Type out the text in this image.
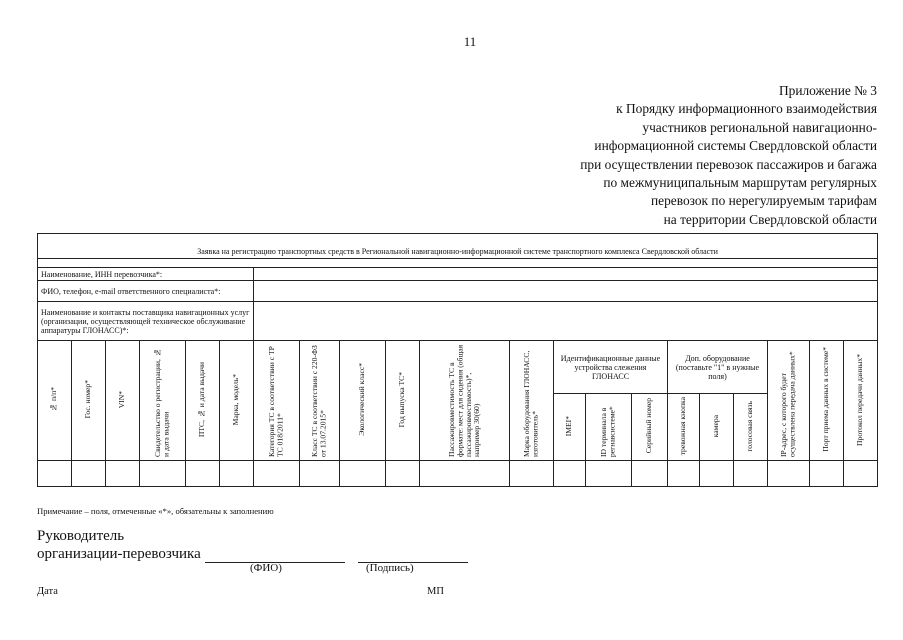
11
Приложение № 3
к Порядку информационного взаимодействия
участников региональной навигационно-
информационной системы Свердловской области
при осуществлении перевозок пассажиров и багажа
по межмуниципальным маршрутам регулярных
перевозок по нерегулируемым тарифам
на территории Свердловской области
Заявка на регистрацию транспортных средств в Региональной навигационно-информационной системе транспортного комплекса Свердловской области																				

Наименование, ИНН перевозчика*:																				
ФИО, телефон, e-mail ответственного специалиста*:																				
Наименование и контакты поставщика навигационных услуг (организации, осуществляющей техническое обслуживание аппаратуры ГЛОНАСС)*:																				
№ п/п*	Гос. номер*	VIN*	Свидетельство о регистрации, № и дата выдачи	ПТС, № и дата выдачи	Марка, модель*	Категория ТС в соответствии с ТР ТС 018/2011*	Класс ТС в соответствии с 220-ФЗ от 13.07.2015*	Экологический класс*	Год выпуска ТС*	Пассажировместимость ТС в формате: мест для сидения (общая пассажировместимость)*, например 30(60)	Марка оборудования ГЛОНАСС, изготовитель*	Идентификационные данные устройства слежения ГЛОНАСС			Доп. оборудование (поставьте "1" в нужные поля)			IP-адрес, с которого будет осуществлена передача данных*	Порт приема данных в системе*	Протокол передачи данных*
												IMEI*	ID терминала в регнавсистеме*	Серийный номер	тревожная кнопка	камера	голосовая связь			

Примечание – поля, отмеченные «*», обязательны к заполнению
Руководитель
организации-перевозчика
(ФИО)	(Подпись)
Дата	МП
